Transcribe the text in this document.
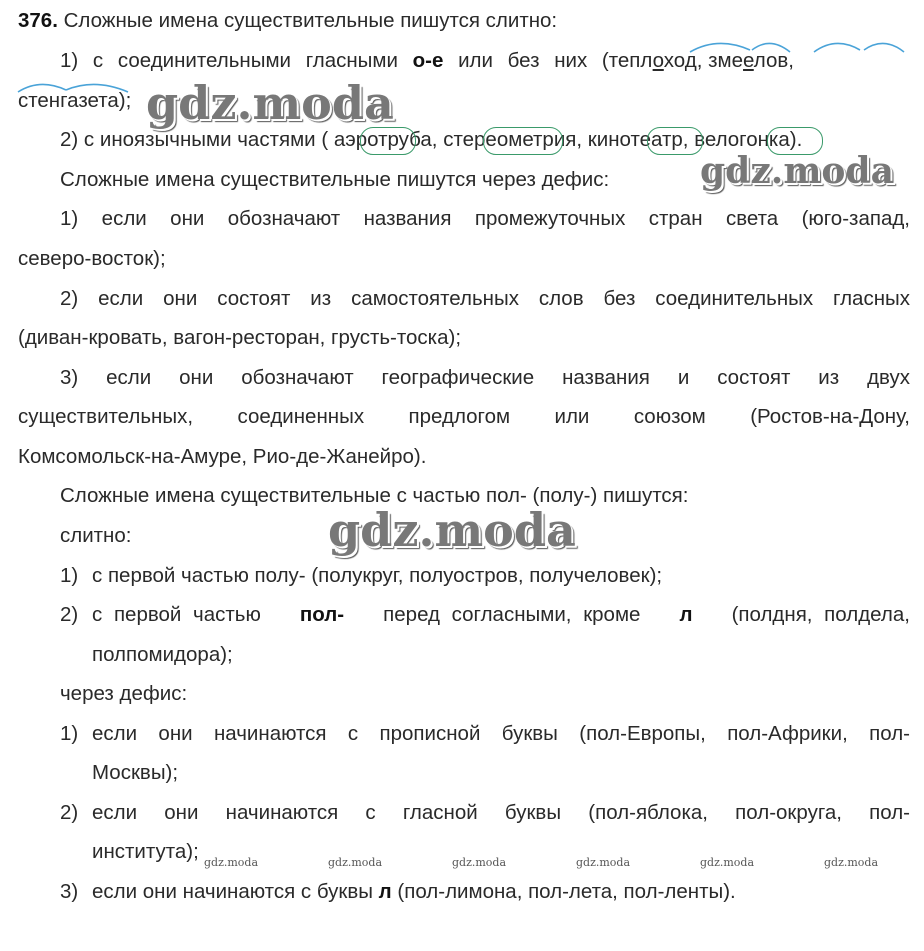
376. Сложные имена существительные пишутся слитно:
1) с соединительными гласными о-е или без них (теплоход, змеелов,
стенгазета);
2) с иноязычными частями ( аэротруба, стереометрия, кинотеатр, велогонка).
Сложные имена существительные пишутся через дефис:
1) если они обозначают названия промежуточных стран света (юго-запад,
северо-восток);
2) если они состоят из самостоятельных слов без соединительных гласных
(диван-кровать, вагон-ресторан, грусть-тоска);
3) если они обозначают географические названия и состоят из двух
существительных, соединенных предлогом или союзом (Ростов-на-Дону,
Комсомольск-на-Амуре, Рио-де-Жанейро).
Сложные имена существительные с частью пол- (полу-) пишутся:
слитно:
1) с первой частью полу- (полукруг, полуостров, получеловек);
2) с первой частью пол- перед согласными, кроме л (полдня, полдела,
полпомидора);
через дефис:
1) если они начинаются с прописной буквы (пол-Европы, пол-Африки, пол-
Москвы);
2) если они начинаются с гласной буквы (пол-яблока, пол-округа, пол-
института);
3) если они начинаются с буквы л (пол-лимона, пол-лета, пол-ленты).
gdz.moda
gdz.moda
gdz.moda
gdz.moda	gdz.moda	gdz.moda	gdz.moda	gdz.moda	gdz.moda
